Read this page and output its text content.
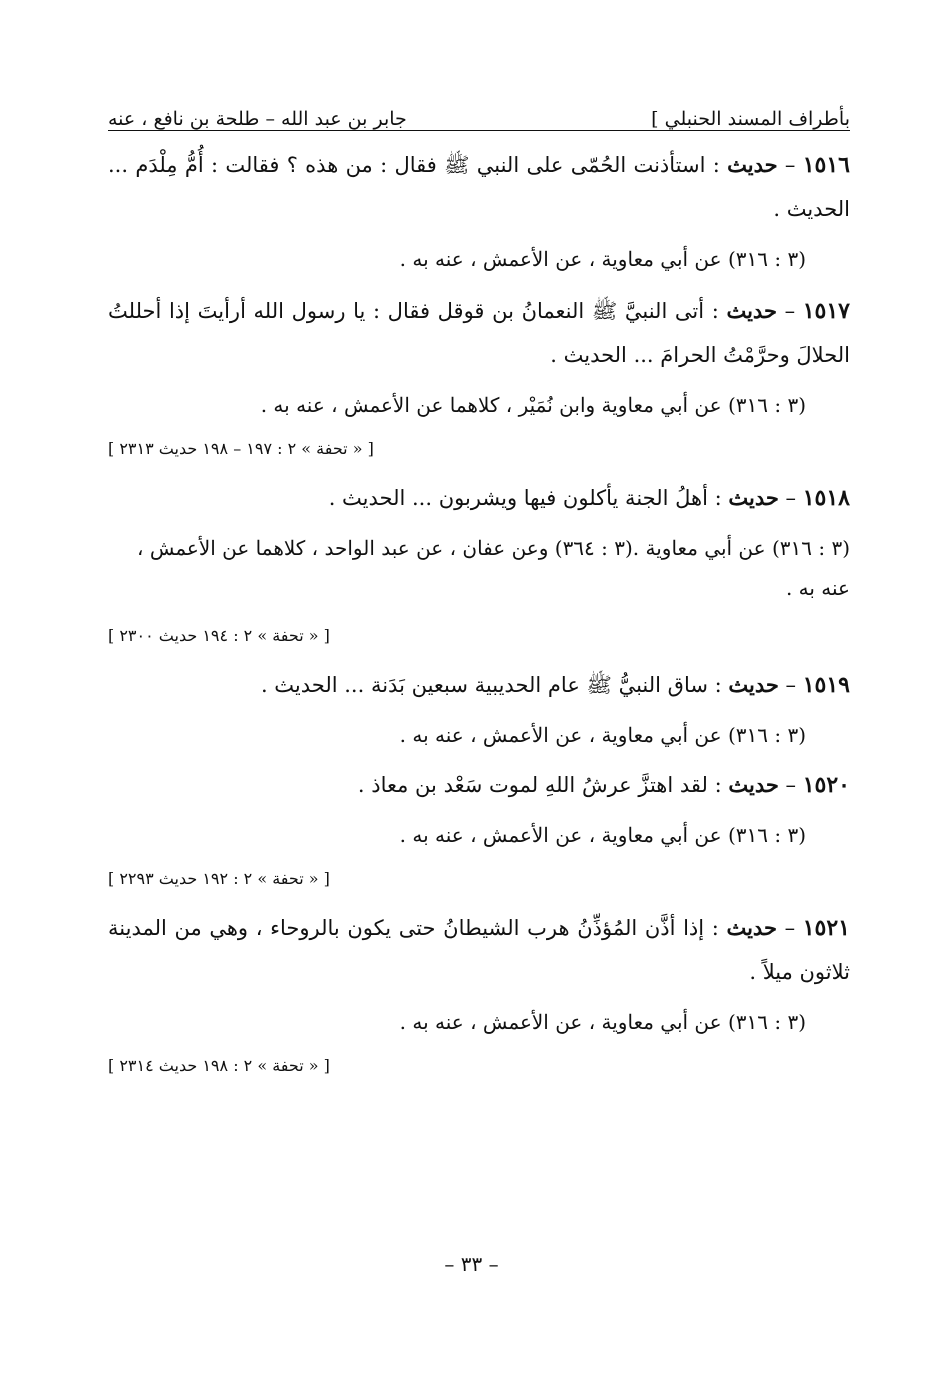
بأطراف المسند الحنبلي ]
جابر بن عبد الله – طلحة بن نافع ، عنه

١٥١٦ – حديث : استأذنت الحُمّى على النبي ﷺ فقال : من هذه ؟ فقالت : أُمُّ مِلْدَم ... الحديث .

(٣ : ٣١٦) عن أبي معاوية ، عن الأعمش ، عنه به .

١٥١٧ – حديث : أتى النبيَّ ﷺ النعمانُ بن قوقل فقال : يا رسول الله أرأيتَ إذا أحللتُ الحلالَ وحرَّمْتُ الحرامَ ... الحديث .

(٣ : ٣١٦) عن أبي معاوية وابن نُمَيْر ، كلاهما عن الأعمش ، عنه به .

[ « تحفة » ٢ : ١٩٧ – ١٩٨ حديث ٢٣١٣ ]

١٥١٨ – حديث : أهلُ الجنة يأكلون فيها ويشربون ... الحديث .

(٣ : ٣١٦) عن أبي معاوية .(٣ : ٣٦٤) وعن عفان ، عن عبد الواحد ، كلاهما عن الأعمش ، عنه به .

[ « تحفة » ٢ : ١٩٤ حديث ٢٣٠٠ ]

١٥١٩ – حديث : ساق النبيُّ ﷺ عام الحديبية سبعين بَدَنة ... الحديث .

(٣ : ٣١٦) عن أبي معاوية ، عن الأعمش ، عنه به .

١٥٢٠ – حديث : لقد اهتزَّ عرشُ اللهِ لموت سَعْد بن معاذ .

(٣ : ٣١٦) عن أبي معاوية ، عن الأعمش ، عنه به .

[ « تحفة » ٢ : ١٩٢ حديث ٢٢٩٣ ]

١٥٢١ – حديث : إذا أذَّن المُؤذِّنُ هرب الشيطانُ حتى يكون بالروحاء ، وهي من المدينة ثلاثون ميلاً .

(٣ : ٣١٦) عن أبي معاوية ، عن الأعمش ، عنه به .

[ « تحفة » ٢ : ١٩٨ حديث ٢٣١٤ ]
– ٣٣ –
